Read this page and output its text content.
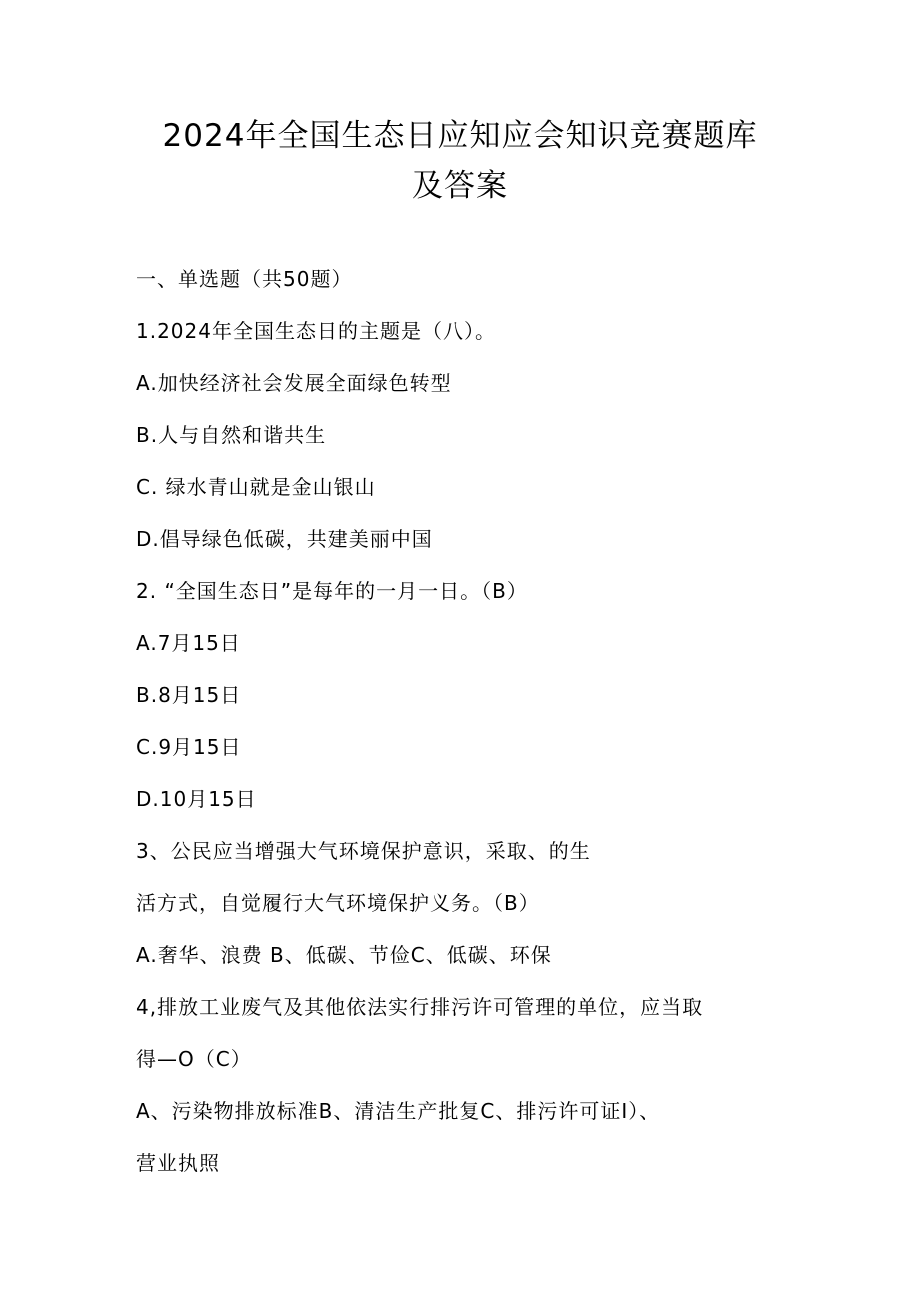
2024年全国生态日应知应会知识竞赛题库
及答案
一、单选题（共50题）
1.2024年全国生态日的主题是（八）。
A.加快经济社会发展全面绿色转型
B.人与自然和谐共生
C. 绿水青山就是金山银山
D.倡导绿色低碳，共建美丽中国
2. “全国生态日”是每年的一月一日。（B）
A.7月15日
B.8月15日
C.9月15日
D.10月15日
3、公民应当增强大气环境保护意识，采取、的生
活方式，自觉履行大气环境保护义务。（B）
A.奢华、浪费 B、低碳、节俭C、低碳、环保
4,排放工业废气及其他依法实行排污许可管理的单位，应当取
得—O（C）
A、污染物排放标准B、清洁生产批复C、排污许可证I）、
营业执照
